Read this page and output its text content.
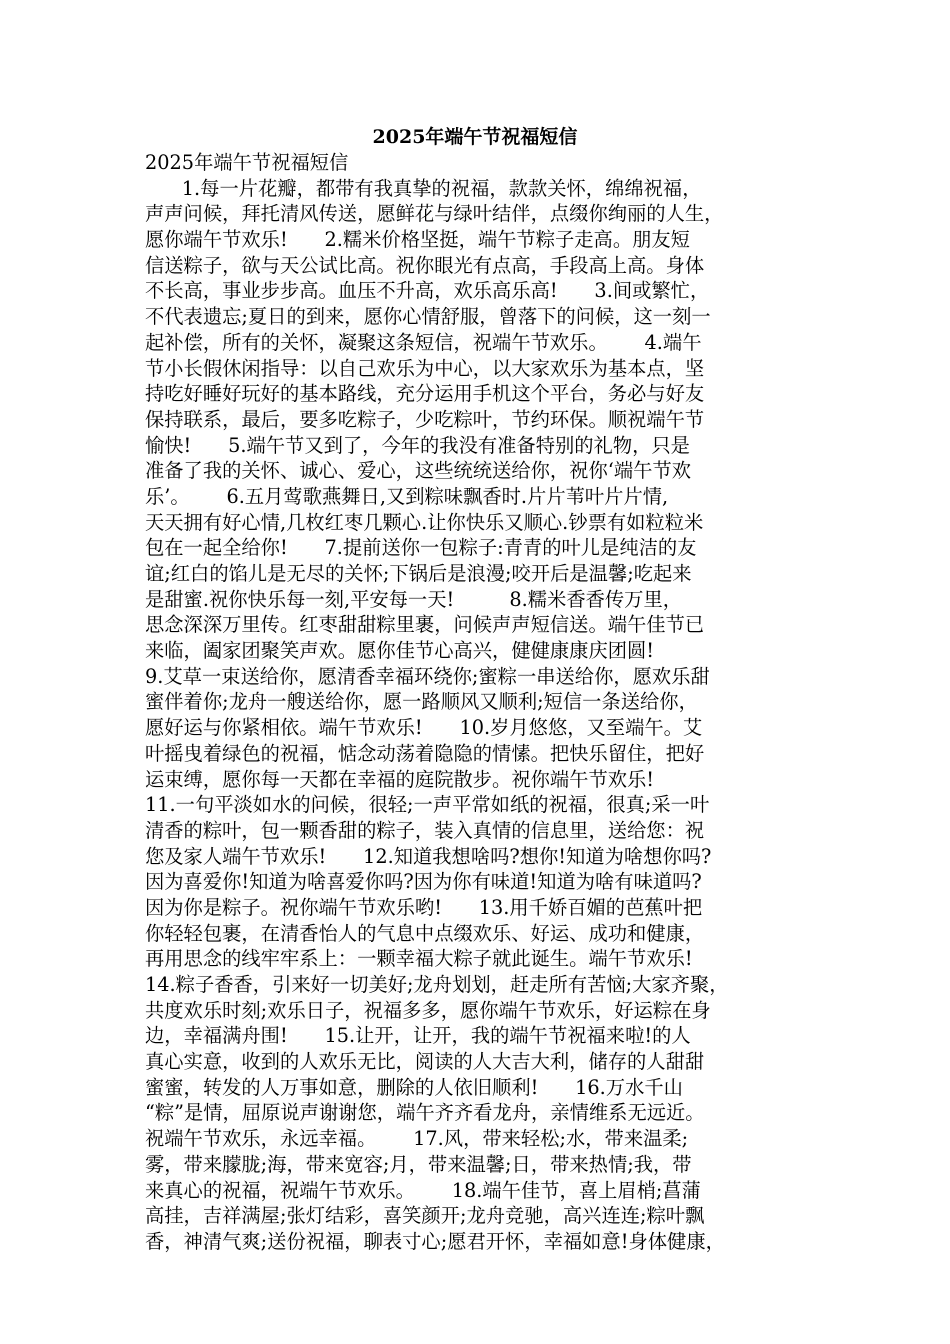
2025年端午节祝福短信
2025年端午节祝福短信
1.每一片花瓣，都带有我真挚的祝福，款款关怀，绵绵祝福，
声声问候，拜托清风传送，愿鲜花与绿叶结伴，点缀你绚丽的人生，
愿你端午节欢乐!      2.糯米价格坚挺，端午节粽子走高。朋友短
信送粽子，欲与天公试比高。祝你眼光有点高，手段高上高。身体
不长高，事业步步高。血压不升高，欢乐高乐高!      3.间或繁忙，
不代表遗忘;夏日的到来，愿你心情舒服，曾落下的问候，这一刻一
起补偿，所有的关怀，凝聚这条短信，祝端午节欢乐。      4.端午
节小长假休闲指导：以自己欢乐为中心，以大家欢乐为基本点，坚
持吃好睡好玩好的基本路线，充分运用手机这个平台，务必与好友
保持联系，最后，要多吃粽子，少吃粽叶，节约环保。顺祝端午节
愉快!      5.端午节又到了，今年的我没有准备特别的礼物，只是
准备了我的关怀、诚心、爱心，这些统统送给你，祝你‘端午节欢
乐’。      6.五月莺歌燕舞日,又到粽味飘香时.片片苇叶片片情,
天天拥有好心情,几枚红枣几颗心.让你快乐又顺心.钞票有如粒粒米
包在一起全给你!      7.提前送你一包粽子:青青的叶儿是纯洁的友
谊;红白的馅儿是无尽的关怀;下锅后是浪漫;咬开后是温馨;吃起来
是甜蜜.祝你快乐每一刻,平安每一天!         8.糯米香香传万里，
思念深深万里传。红枣甜甜粽里裹，问候声声短信送。端午佳节已
来临，阖家团聚笑声欢。愿你佳节心高兴，健健康康庆团圆!
9.艾草一束送给你，愿清香幸福环绕你;蜜粽一串送给你，愿欢乐甜
蜜伴着你;龙舟一艘送给你，愿一路顺风又顺利;短信一条送给你，
愿好运与你紧相依。端午节欢乐!      10.岁月悠悠，又至端午。艾
叶摇曳着绿色的祝福，惦念动荡着隐隐的情愫。把快乐留住，把好
运束缚，愿你每一天都在幸福的庭院散步。祝你端午节欢乐!
11.一句平淡如水的问候，很轻;一声平常如纸的祝福，很真;采一叶
清香的粽叶，包一颗香甜的粽子，装入真情的信息里，送给您：祝
您及家人端午节欢乐!      12.知道我想啥吗?想你!知道为啥想你吗?
因为喜爱你!知道为啥喜爱你吗?因为你有味道!知道为啥有味道吗?
因为你是粽子。祝你端午节欢乐哟!      13.用千娇百媚的芭蕉叶把
你轻轻包裹，在清香怡人的气息中点缀欢乐、好运、成功和健康，
再用思念的线牢牢系上：一颗幸福大粽子就此诞生。端午节欢乐!
14.粽子香香，引来好一切美好;龙舟划划，赶走所有苦恼;大家齐聚，
共度欢乐时刻;欢乐日子，祝福多多，愿你端午节欢乐，好运粽在身
边，幸福满舟围!      15.让开，让开，我的端午节祝福来啦!的人
真心实意，收到的人欢乐无比，阅读的人大吉大利，储存的人甜甜
蜜蜜，转发的人万事如意，删除的人依旧顺利!      16.万水千山
“粽”是情，屈原说声谢谢您，端午齐齐看龙舟，亲情维系无远近。
祝端午节欢乐，永远幸福。      17.风，带来轻松;水，带来温柔;
雾，带来朦胧;海，带来宽容;月，带来温馨;日，带来热情;我，带
来真心的祝福，祝端午节欢乐。      18.端午佳节，喜上眉梢;菖蒲
高挂，吉祥满屋;张灯结彩，喜笑颜开;龙舟竞驰，高兴连连;粽叶飘
香，神清气爽;送份祝福，聊表寸心;愿君开怀，幸福如意!身体健康，
